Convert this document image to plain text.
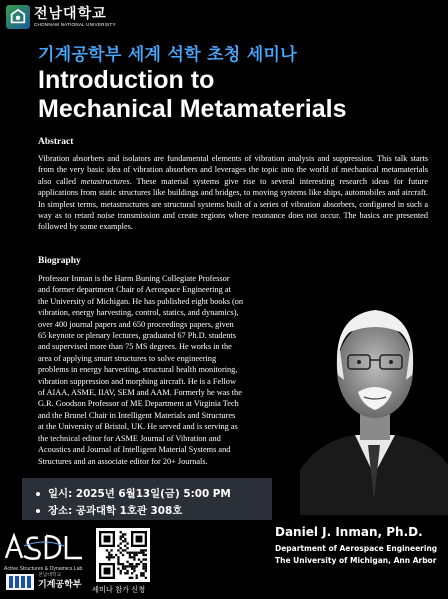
전남대학교
CHONNAM NATIONAL UNIVERSITY
기계공학부 세계 석학 초청 세미나
Introduction to
Mechanical Metamaterials
Abstract
Vibration absorbers and isolators are fundamental elements of vibration analysis and suppression. This talk starts from the very basic idea of vibration absorbers and leverages the topic into the world of mechanical metamaterials also called metastructures. These material systems give rise to several interesting research ideas for future applications from static structures like buildings and bridges, to moving systems like ships, automobiles and aircraft. In simplest terms, metastructures are structural systems built of a series of vibration absorbers, configured in such a way as to retard noise transmission and create regions where resonance does not occur. The basics are presented followed by some examples.
Biography
Professor Inman is the Harm Buning Collegiate Professor
and former department Chair of Aerospace Engineering at
the University of Michigan. He has published eight books (on
vibration, energy harvesting, control, statics, and dynamics),
over 400 journal papers and 650 proceedings papers, given
65 keynote or plenary lectures, graduated 67 Ph.D. students
and supervised more than 75 MS degrees. He works in the
area of applying smart structures to solve engineering
problems in energy harvesting, structural health monitoring,
vibration suppression and morphing aircraft. He is a Fellow
of AIAA, ASME, IIAV, SEM and AAM. Formerly he was the
G.R. Goodson Professor of ME Department at Virginia Tech
and the Brunel Chair in Intelligent Materials and Structures
at the University of Bristol, UK. He served and is serving as
the technical editor for ASME Journal of Vibration and
Acoustics and Journal of Intelligent Material Systems and
Structures and an associate editor for 20+ Journals.
일시: 2025년 6월13일(금) 5:00 PM
장소: 공과대학 1호관 308호
Daniel J. Inman, Ph.D.
Department of Aerospace Engineering
The University of Michigan, Ann Arbor
Active Structures & Dynamics Lab
전남대학교
기계공학부 세미나 참가 신청
